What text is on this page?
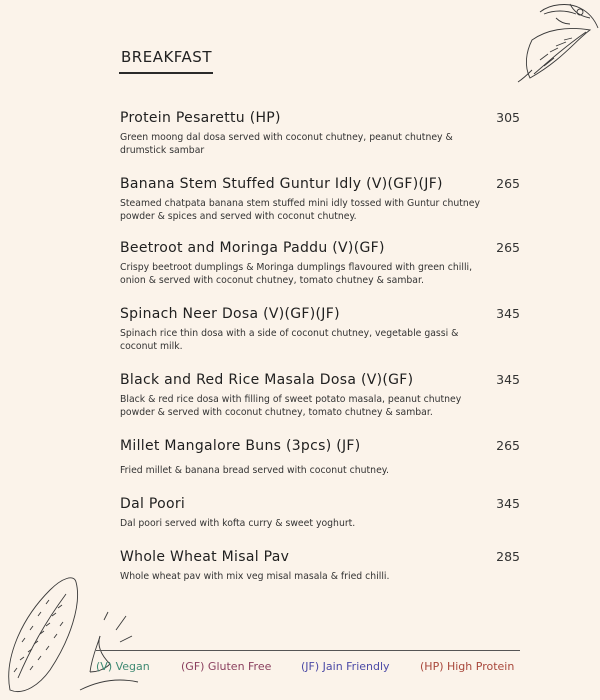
BREAKFAST
Protein Pesarettu (HP)	305
Green moong dal dosa served with coconut chutney, peanut chutney & drumstick sambar
Banana Stem Stuffed Guntur Idly (V)(GF)(JF)	265
Steamed chatpata banana stem stuffed mini idly tossed with Guntur chutney powder & spices and served with coconut chutney.
Beetroot and Moringa Paddu (V)(GF)	265
Crispy beetroot dumplings & Moringa dumplings flavoured with green chilli, onion & served with coconut chutney, tomato chutney & sambar.
Spinach Neer Dosa (V)(GF)(JF)	345
Spinach rice thin dosa with a side of coconut chutney, vegetable gassi & coconut milk.
Black and Red Rice Masala Dosa (V)(GF)	345
Black & red rice dosa with filling of sweet potato masala, peanut chutney powder & served with coconut chutney, tomato chutney & sambar.
Millet Mangalore Buns (3pcs) (JF)	265
Fried millet & banana bread served with coconut chutney.
Dal Poori	345
Dal poori served with kofta curry & sweet yoghurt.
Whole Wheat Misal Pav	285
Whole wheat pav with mix veg misal masala & fried chilli.
(V) Vegan	(GF) Gluten Free	(JF) Jain Friendly	(HP) High Protein
